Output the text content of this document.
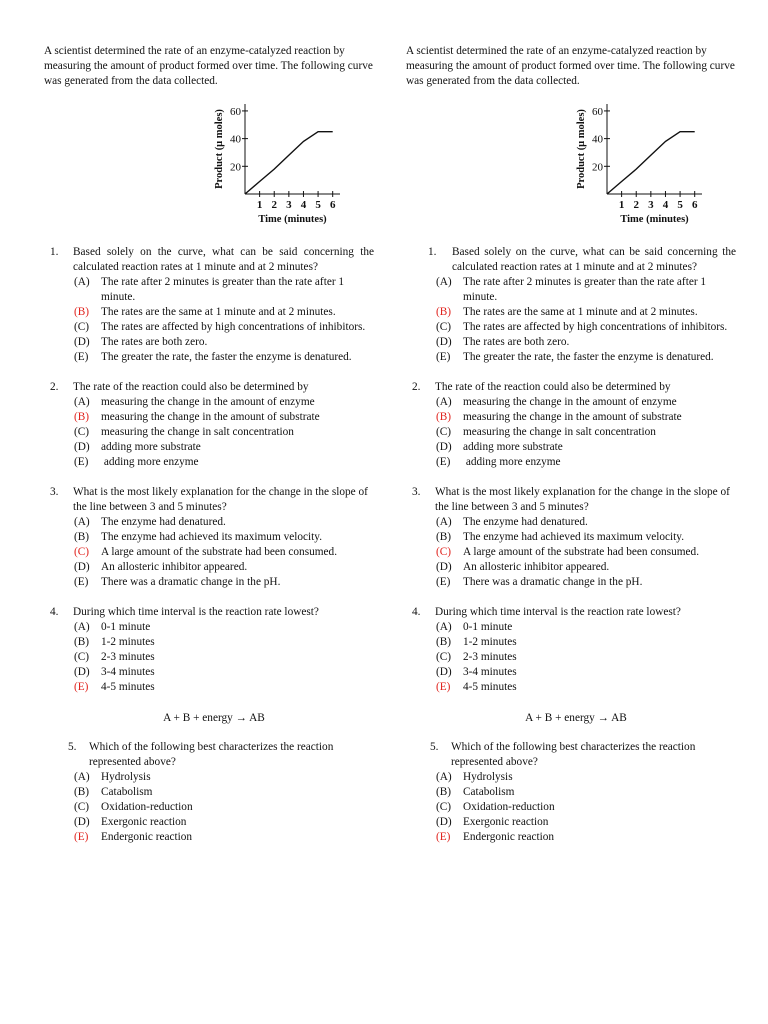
A scientist determined the rate of an enzyme-catalyzed reaction by measuring the amount of product formed over time. The following curve was generated from the data collected.

20
40
60
1 2 3 4 5 6
Time (minutes)
Product (μ moles)
1. Based solely on the curve, what can be said concerning the calculated reaction rates at 1 minute and at 2 minutes?
(A) The rate after 2 minutes is greater than the rate after 1 minute.
(B) The rates are the same at 1 minute and at 2 minutes.
(C) The rates are affected by high concentrations of inhibitors.
(D) The rates are both zero.
(E) The greater the rate, the faster the enzyme is denatured.
2. The rate of the reaction could also be determined by
(A) measuring the change in the amount of enzyme
(B) measuring the change in the amount of substrate
(C) measuring the change in salt concentration
(D) adding more substrate
(E) adding more enzyme
3. What is the most likely explanation for the change in the slope of the line between 3 and 5 minutes?
(A) The enzyme had denatured.
(B) The enzyme had achieved its maximum velocity.
(C) A large amount of the substrate had been consumed.
(D) An allosteric inhibitor appeared.
(E) There was a dramatic change in the pH.
4. During which time interval is the reaction rate lowest?
(A) 0-1 minute
(B) 1-2 minutes
(C) 2-3 minutes
(D) 3-4 minutes
(E) 4-5 minutes
A + B + energy → AB
5. Which of the following best characterizes the reaction represented above?
(A) Hydrolysis
(B) Catabolism
(C) Oxidation-reduction
(D) Exergonic reaction
(E) Endergonic reaction

A scientist determined the rate of an enzyme-catalyzed reaction by measuring the amount of product formed over time. The following curve was generated from the data collected.

20
40
60
1 2 3 4 5 6
Time (minutes)
Product (μ moles)
1. Based solely on the curve, what can be said concerning the calculated reaction rates at 1 minute and at 2 minutes?
(A) The rate after 2 minutes is greater than the rate after 1 minute.
(B) The rates are the same at 1 minute and at 2 minutes.
(C) The rates are affected by high concentrations of inhibitors.
(D) The rates are both zero.
(E) The greater the rate, the faster the enzyme is denatured.
2. The rate of the reaction could also be determined by
(A) measuring the change in the amount of enzyme
(B) measuring the change in the amount of substrate
(C) measuring the change in salt concentration
(D) adding more substrate
(E) adding more enzyme
3. What is the most likely explanation for the change in the slope of the line between 3 and 5 minutes?
(A) The enzyme had denatured.
(B) The enzyme had achieved its maximum velocity.
(C) A large amount of the substrate had been consumed.
(D) An allosteric inhibitor appeared.
(E) There was a dramatic change in the pH.
4. During which time interval is the reaction rate lowest?
(A) 0-1 minute
(B) 1-2 minutes
(C) 2-3 minutes
(D) 3-4 minutes
(E) 4-5 minutes
A + B + energy → AB
5. Which of the following best characterizes the reaction represented above?
(A) Hydrolysis
(B) Catabolism
(C) Oxidation-reduction
(D) Exergonic reaction
(E) Endergonic reaction
